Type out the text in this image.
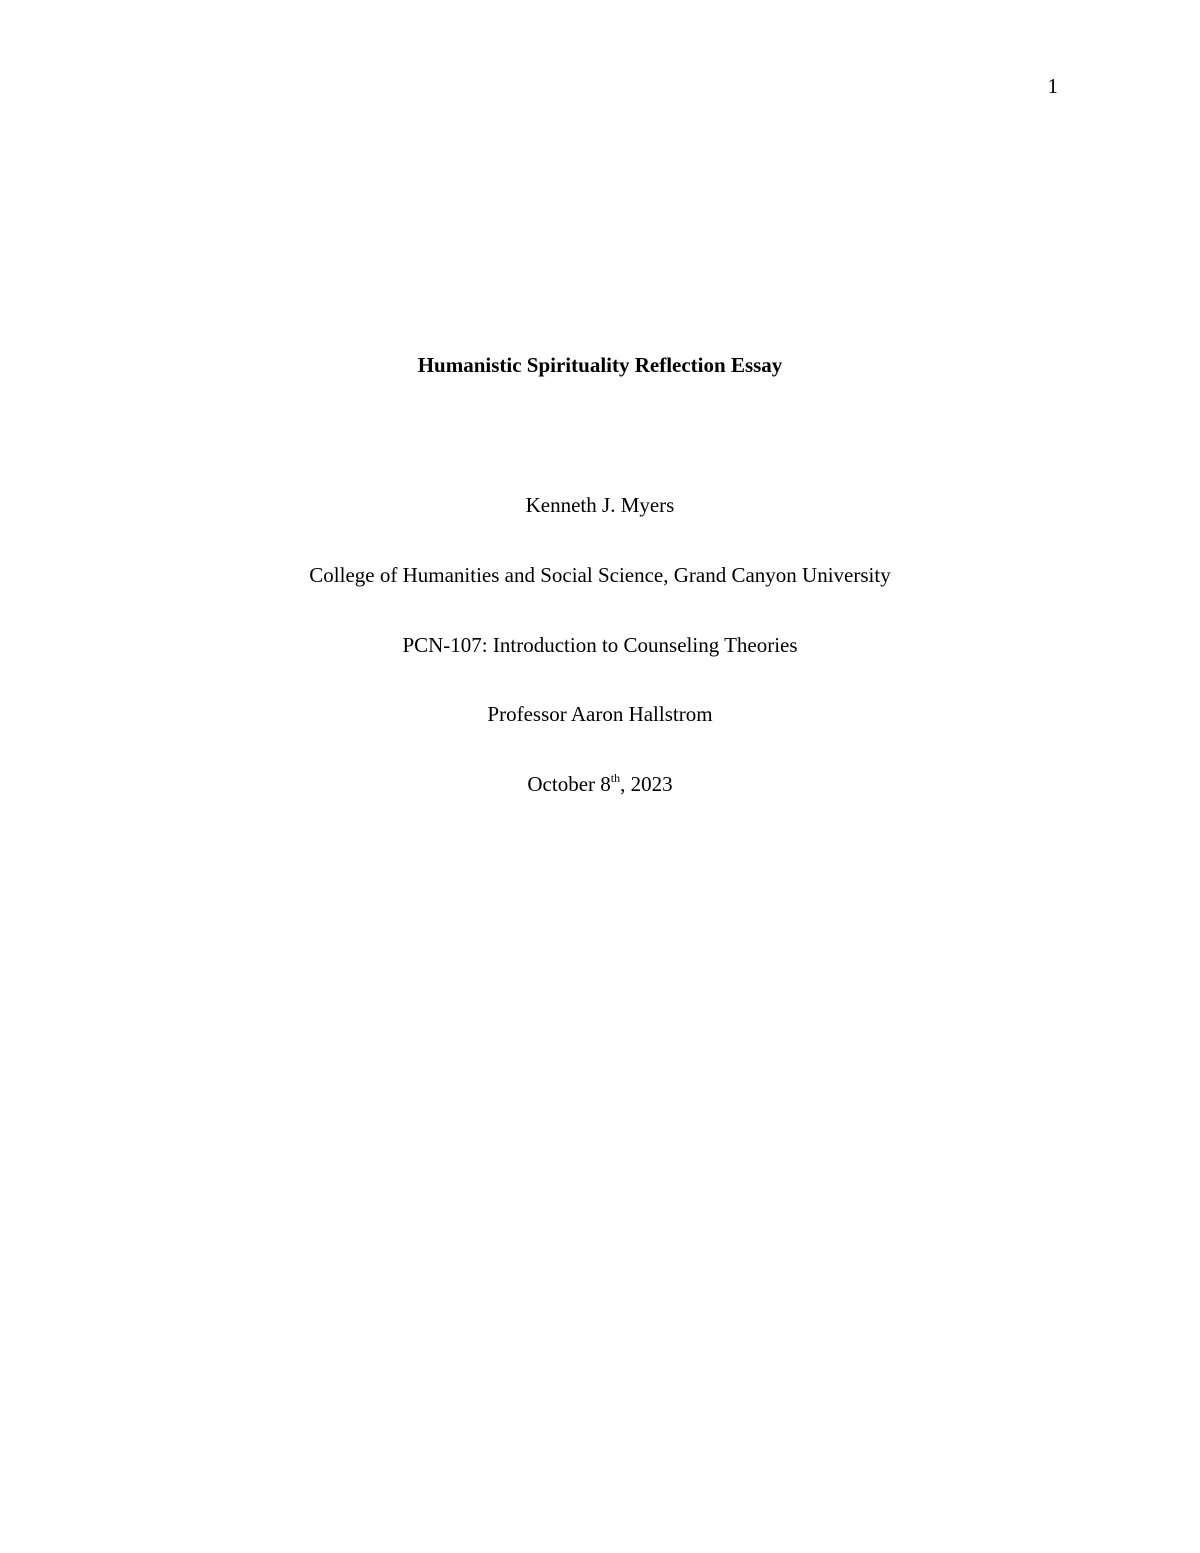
1
Humanistic Spirituality Reflection Essay
Kenneth J. Myers
College of Humanities and Social Science, Grand Canyon University
PCN-107: Introduction to Counseling Theories
Professor Aaron Hallstrom
October 8th, 2023
